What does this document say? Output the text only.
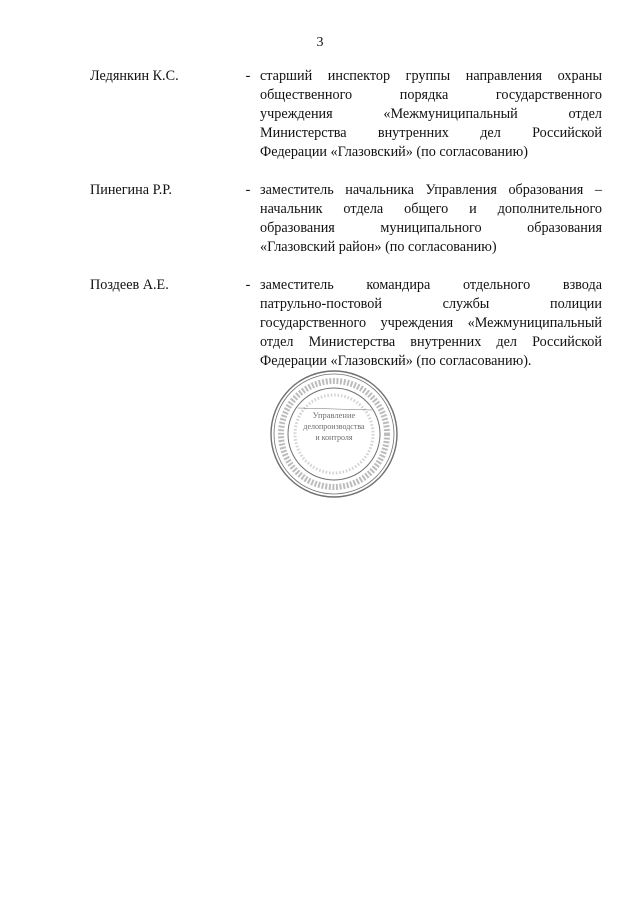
3
Ледянкин К.С.	- старший инспектор группы направления охраны
общественного порядка государственного
учреждения «Межмуниципальный отдел
Министерства внутренних дел Российской
Федерации «Глазовский» (по согласованию)
Пинегина Р.Р.	- заместитель начальника Управления образования –
начальник отдела общего и дополнительного
образования муниципального образования
«Глазовский район» (по согласованию)
Поздеев А.Е.	- заместитель командира отдельного взвода
патрульно-постовой службы полиции
государственного учреждения «Межмуниципальный
отдел Министерства внутренних дел Российской
Федерации «Глазовский» (по согласованию).
Управление
делопроизводства
и контроля
